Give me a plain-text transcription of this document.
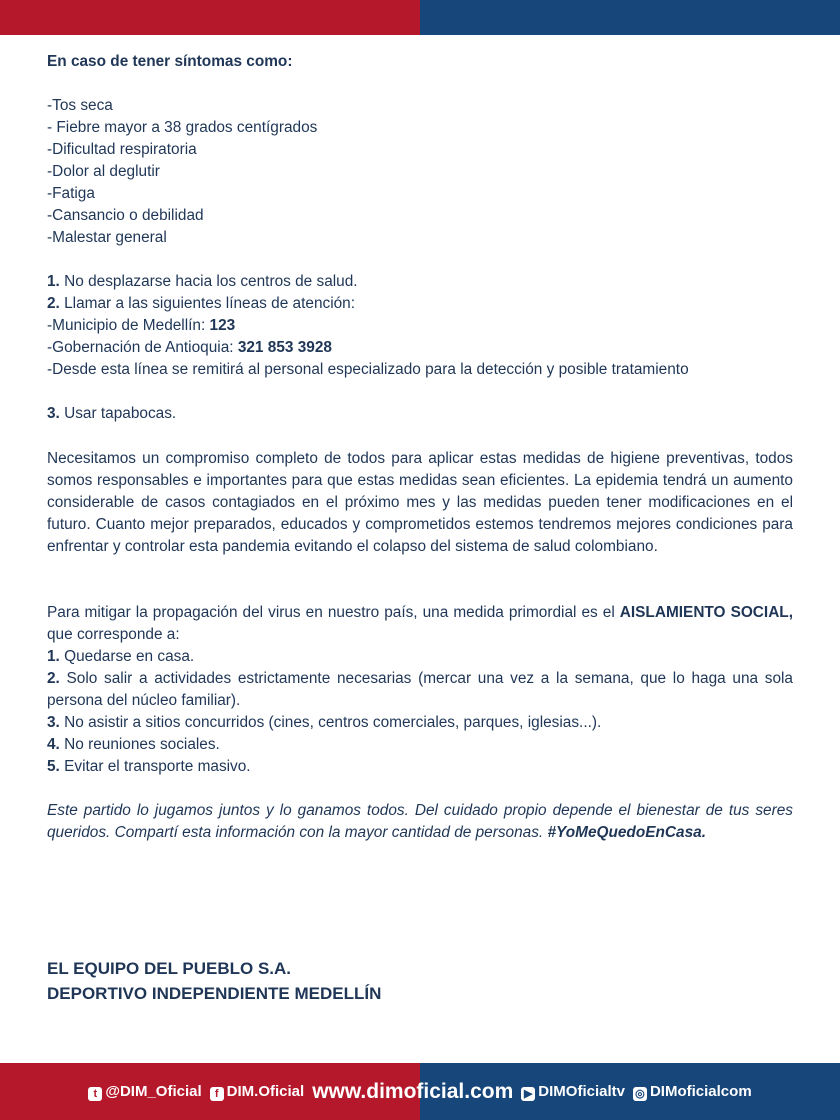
En caso de tener síntomas como:

-Tos seca
- Fiebre mayor a 38 grados centígrados
-Dificultad respiratoria
-Dolor al deglutir
-Fatiga
-Cansancio o debilidad
-Malestar general

1. No desplazarse hacia los centros de salud.
2. Llamar a las siguientes líneas de atención:
-Municipio de Medellín: 123
-Gobernación de Antioquia: 321 853 3928
-Desde esta línea se remitirá al personal especializado para la detección y posible tratamiento

3. Usar tapabocas.

Necesitamos un compromiso completo de todos para aplicar estas medidas de higiene preventivas, todos somos responsables e importantes para que estas medidas sean eficientes. La epidemia tendrá un aumento considerable de casos contagiados en el próximo mes y las medidas pueden tener modificaciones en el futuro. Cuanto mejor preparados, educados y comprometidos estemos tendremos mejores condiciones para enfrentar y controlar esta pandemia evitando el colapso del sistema de salud colombiano.
Para mitigar la propagación del virus en nuestro país, una medida primordial es el AISLAMIENTO SOCIAL, que corresponde a:
1. Quedarse en casa.
2. Solo salir a actividades estrictamente necesarias (mercar una vez a la semana, que lo haga una sola persona del núcleo familiar).
3. No asistir a sitios concurridos (cines, centros comerciales, parques, iglesias...).
4. No reuniones sociales.
5. Evitar el transporte masivo.

Este partido lo jugamos juntos y lo ganamos todos. Del cuidado propio depende el bienestar de tus seres queridos. Compartí esta información con la mayor cantidad de personas. #YoMeQuedoEnCasa.
EL EQUIPO DEL PUEBLO S.A.
DEPORTIVO INDEPENDIENTE MEDELLÍN
t @DIM_Oficial	f DIM.Oficial www.dimoficial.com ▶ DIMOficialtv ◎ DIMoficialcom
